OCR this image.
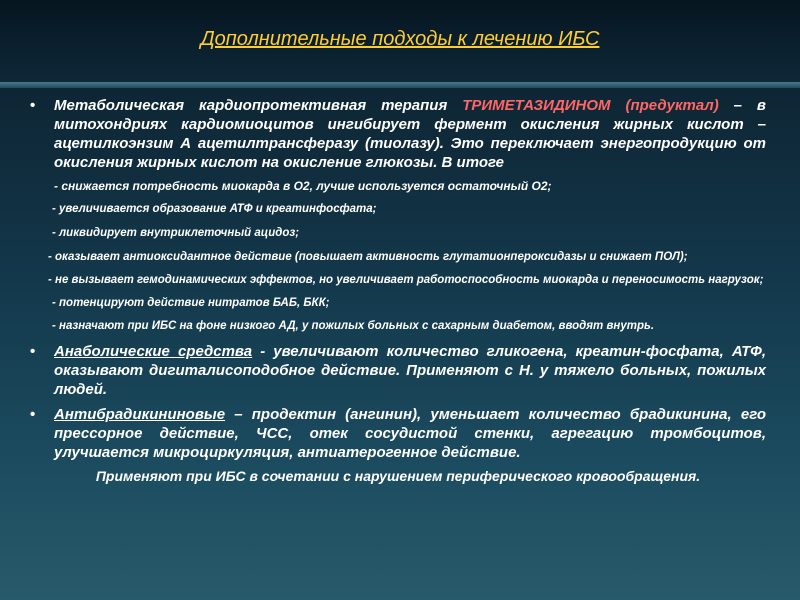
Дополнительные подходы к лечению ИБС
• Метаболическая кардиопротективная терапия ТРИМЕТАЗИДИНОМ (предуктал) – в митохондриях кардиомиоцитов ингибирует фермент окисления жирных кислот – ацетилкоэнзим А ацетилтрансферазу (тиолазу). Это переключает энергопродукцию от окисления жирных кислот на окисление глюкозы. В итоге
- снижается потребность миокарда в О2, лучше используется остаточный О2;
- увеличивается образование АТФ и креатинфосфата;
- ликвидирует внутриклеточный ацидоз;
- оказывает антиоксидантное действие (повышает активность глутатионпероксидазы и снижает ПОЛ);
- не вызывает гемодинамических эффектов, но увеличивает работоспособность миокарда и переносимость нагрузок;
- потенцируют действие нитратов БАБ, БКК;
- назначают при ИБС на фоне низкого АД, у пожилых больных с сахарным диабетом, вводят внутрь.
• Анаболические средства - увеличивают количество гликогена, креатин-фосфата, АТФ, оказывают дигиталисоподобное действие. Применяют с Н. у тяжело больных, пожилых людей.
• Антибрадикининовые – продектин (ангинин), уменьшает количество брадикинина, его прессорное действие, ЧСС, отек сосудистой стенки, агрегацию тромбоцитов, улучшается микроциркуляция, антиатерогенное действие.
Применяют при ИБС в сочетании с нарушением периферического кровообращения.
